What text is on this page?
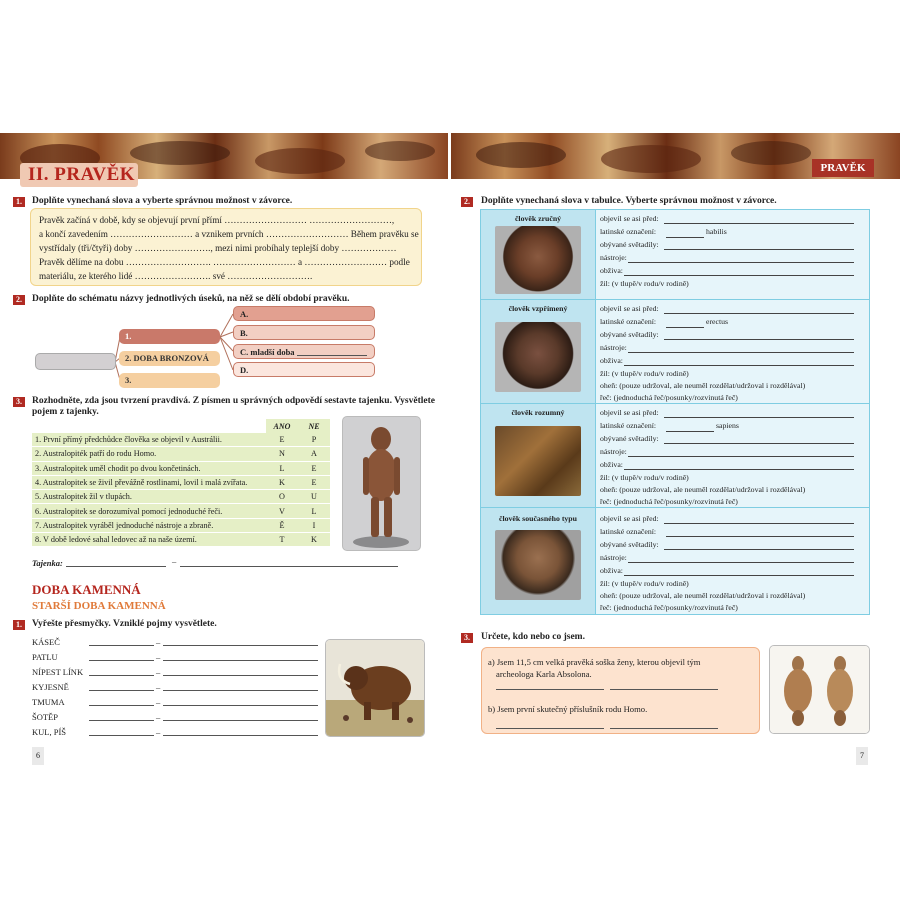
II. PRAVĚK	PRAVĚK
1.	Doplňte vynechaná slova a vyberte správnou možnost v závorce.
Pravěk začíná v době, kdy se objevují první přímí ……………………… ………………………,
a končí zavedením ……………………… a vznikem prvních ……………………… Během pravěku se
vystřídaly (tři/čtyři) doby ……………………., mezi nimi probíhaly teplejší doby ………………
Pravěk dělíme na dobu ………………………. ……………………… a ……………………… podle
materiálu, ze kterého lidé ……………………. své ……………………….
2.	Doplňte do schématu názvy jednotlivých úseků, na něž se dělí období pravěku.
1.
2. DOBA BRONZOVÁ
3.
A.
B.
C. mladší doba
D.
3.	Rozhodněte, zda jsou tvrzení pravdivá. Z písmen u správných odpovědí sestavte tajenku. Vysvětlete
pojem z tajenky.
	ANO	NE
1. První přímý předchůdce člověka se objevil v Austrálii.	E	P
2. Australopiték patří do rodu Homo.	N	A
3. Australopitek uměl chodit po dvou končetinách.	L	E
4. Australopitek se živil převážně rostlinami, lovil i malá zvířata.	K	E
5. Australopitek žil v tlupách.	O	U
6. Australopitek se dorozumíval pomocí jednoduché řeči.	V	L
7. Australopitek vyráběl jednoduché nástroje a zbraně.	Ě	I
8. V době ledové sahal ledovec až na naše území.	T	K
Tajenka:	–
DOBA KAMENNÁ
STARŠÍ DOBA KAMENNÁ
1.	Vyřešte přesmyčky. Vzniklé pojmy vysvětlete.
KÁSEČ
PATLU
NÍPEST LÍNK
KYJESNĚ
TMUMA
ŠOTĚP
KUL, PÍŠ
–
–
–
–
–
–
–
6
2.	Doplňte vynechaná slova v tabulce. Vyberte správnou možnost v závorce.
člověk zručný	objevil se asi před:
latinské označení:	habilis
obývané světadíly:
nástroje:
obživa:
žil: (v tlupě/v rodu/v rodině)
člověk vzpřímený	objevil se asi před:
latinské označení:	erectus
obývané světadíly:
nástroje:
obživa:
žil: (v tlupě/v rodu/v rodině)
oheň: (pouze udržoval, ale neuměl rozdělat/udržoval i rozdělával)
řeč: (jednoduchá řeč/posunky/rozvinutá řeč)
člověk rozumný	objevil se asi před:
latinské označení:	sapiens
obývané světadíly:
nástroje:
obživa:
žil: (v tlupě/v rodu/v rodině)
oheň: (pouze udržoval, ale neuměl rozdělat/udržoval i rozdělával)
řeč: (jednoduchá řeč/posunky/rozvinutá řeč)
člověk současného typu	objevil se asi před:
latinské označení:
obývané světadíly:
nástroje:
obživa:
žil: (v tlupě/v rodu/v rodině)
oheň: (pouze udržoval, ale neuměl rozdělat/udržoval i rozdělával)
řeč: (jednoduchá řeč/posunky/rozvinutá řeč)
3.	Určete, kdo nebo co jsem.
a) Jsem 11,5 cm velká pravěká soška ženy, kterou objevil tým
archeologa Karla Absolona.
b) Jsem první skutečný příslušník rodu Homo.
7
